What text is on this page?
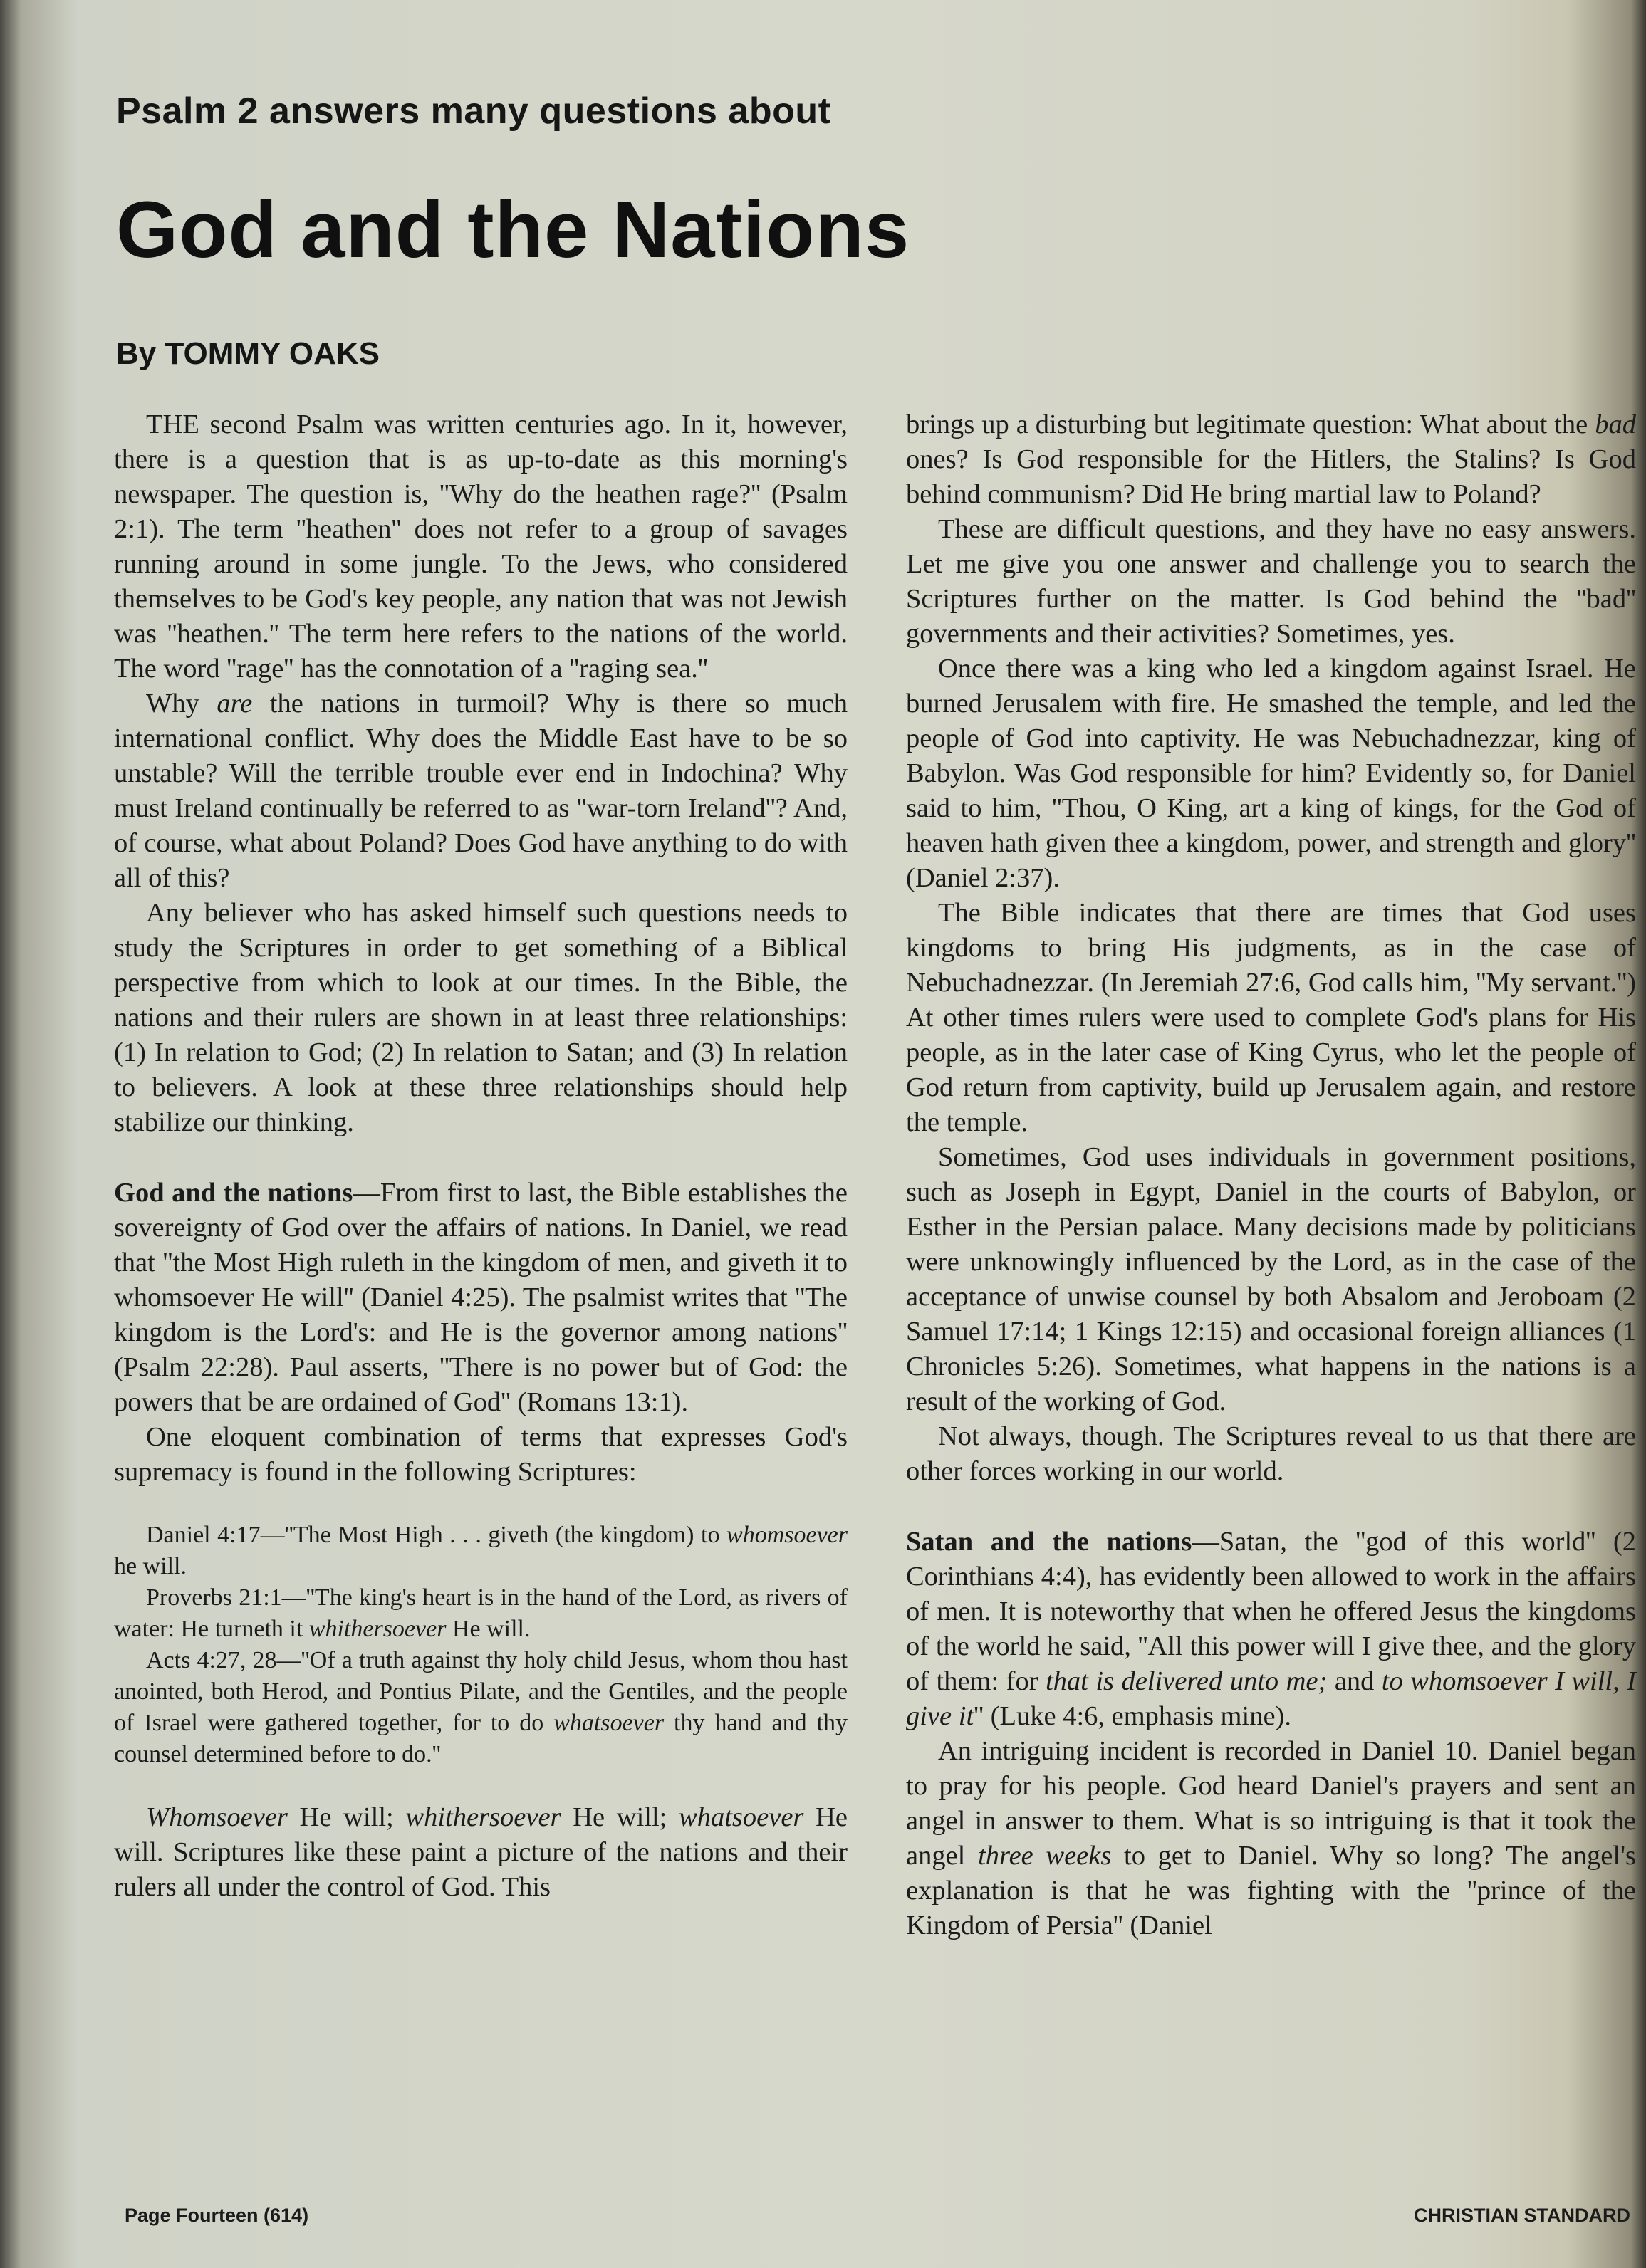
Psalm 2 answers many questions about
God and the Nations
By TOMMY OAKS

THE second Psalm was written centuries ago. In it, however, there is a question that is as up-to-date as this morning's newspaper. The question is, ''Why do the heathen rage?'' (Psalm 2:1). The term ''heathen'' does not refer to a group of savages running around in some jungle. To the Jews, who considered themselves to be God's key people, any nation that was not Jewish was ''heathen.'' The term here refers to the nations of the world. The word ''rage'' has the connotation of a ''raging sea.''

Why are the nations in turmoil? Why is there so much international conflict. Why does the Middle East have to be so unstable? Will the terrible trouble ever end in Indochina? Why must Ireland continually be referred to as ''war-torn Ireland''? And, of course, what about Poland? Does God have anything to do with all of this?

Any believer who has asked himself such questions needs to study the Scriptures in order to get something of a Biblical perspective from which to look at our times. In the Bible, the nations and their rulers are shown in at least three relationships: (1) In relation to God; (2) In relation to Satan; and (3) In relation to believers. A look at these three relationships should help stabilize our thinking.

God and the nations—From first to last, the Bible establishes the sovereignty of God over the affairs of nations. In Daniel, we read that ''the Most High ruleth in the kingdom of men, and giveth it to whomsoever He will'' (Daniel 4:25). The psalmist writes that ''The kingdom is the Lord's: and He is the governor among nations'' (Psalm 22:28). Paul asserts, ''There is no power but of God: the powers that be are ordained of God'' (Romans 13:1).

One eloquent combination of terms that expresses God's supremacy is found in the following Scriptures:

Daniel 4:17—''The Most High . . . giveth (the kingdom) to whomsoever he will.

Proverbs 21:1—''The king's heart is in the hand of the Lord, as rivers of water: He turneth it whithersoever He will.

Acts 4:27, 28—''Of a truth against thy holy child Jesus, whom thou hast anointed, both Herod, and Pontius Pilate, and the Gentiles, and the people of Israel were gathered together, for to do whatsoever thy hand and thy counsel determined before to do.''

Whomsoever He will; whithersoever He will; whatsoever He will. Scriptures like these paint a picture of the nations and their rulers all under the control of God. This

brings up a disturbing but legitimate question: What about the bad ones? Is God responsible for the Hitlers, the Stalins? Is God behind communism? Did He bring martial law to Poland?

These are difficult questions, and they have no easy answers. Let me give you one answer and challenge you to search the Scriptures further on the matter. Is God behind the ''bad'' governments and their activities? Sometimes, yes.

Once there was a king who led a kingdom against Israel. He burned Jerusalem with fire. He smashed the temple, and led the people of God into captivity. He was Nebuchadnezzar, king of Babylon. Was God responsible for him? Evidently so, for Daniel said to him, ''Thou, O King, art a king of kings, for the God of heaven hath given thee a kingdom, power, and strength and glory'' (Daniel 2:37).

The Bible indicates that there are times that God uses kingdoms to bring His judgments, as in the case of Nebuchadnezzar. (In Jeremiah 27:6, God calls him, ''My servant.'') At other times rulers were used to complete God's plans for His people, as in the later case of King Cyrus, who let the people of God return from captivity, build up Jerusalem again, and restore the temple.

Sometimes, God uses individuals in government positions, such as Joseph in Egypt, Daniel in the courts of Babylon, or Esther in the Persian palace. Many decisions made by politicians were unknowingly influenced by the Lord, as in the case of the acceptance of unwise counsel by both Absalom and Jeroboam (2 Samuel 17:14; 1 Kings 12:15) and occasional foreign alliances (1 Chronicles 5:26). Sometimes, what happens in the nations is a result of the working of God.

Not always, though. The Scriptures reveal to us that there are other forces working in our world.

Satan and the nations—Satan, the ''god of this world'' (2 Corinthians 4:4), has evidently been allowed to work in the affairs of men. It is noteworthy that when he offered Jesus the kingdoms of the world he said, ''All this power will I give thee, and the glory of them: for that is delivered unto me; and to whomsoever I will, I give it'' (Luke 4:6, emphasis mine).

An intriguing incident is recorded in Daniel 10. Daniel began to pray for his people. God heard Daniel's prayers and sent an angel in answer to them. What is so intriguing is that it took the angel three weeks to get to Daniel. Why so long? The angel's explanation is that he was fighting with the ''prince of the Kingdom of Persia'' (Daniel

Page Fourteen (614)	CHRISTIAN STANDARD
